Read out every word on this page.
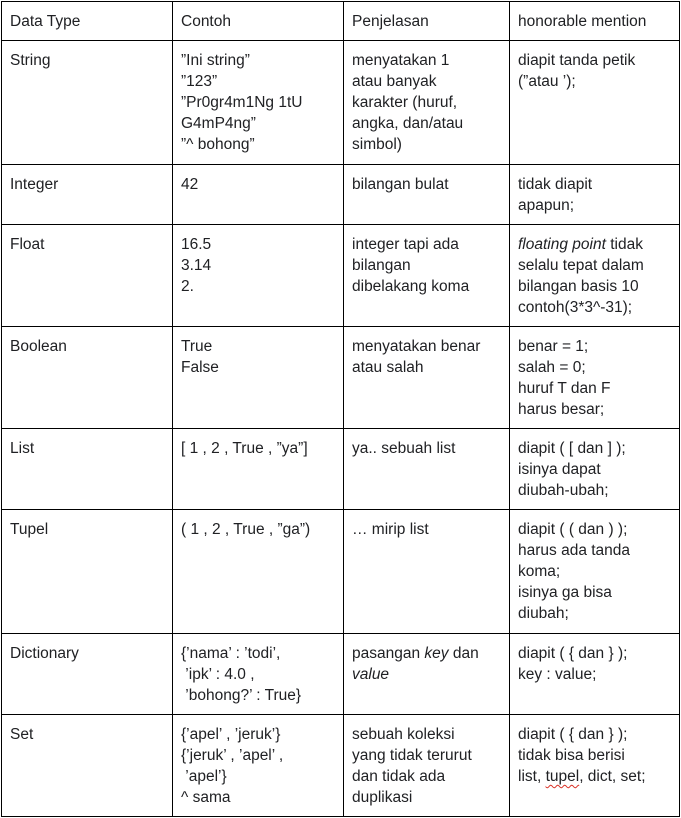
Data Type	Contoh	Penjelasan	honorable mention
String	”Ini string”
”123”
”Pr0gr4m1Ng 1tU
G4mP4ng”
”^ bohong”	menyatakan 1
atau banyak
karakter (huruf,
angka, dan/atau
simbol)	diapit tanda petik
(”atau ’);

Integer	42	bilangan bulat	tidak diapit
apapun;

Float	16.5
3.14
2.	integer tapi ada
bilangan
dibelakang koma	floating point tidak
selalu tepat dalam
bilangan basis 10
contoh(3*3^-31);

Boolean	True
False	menyatakan benar
atau salah	benar = 1;
salah = 0;
huruf T dan F
harus besar;

List	[ 1 , 2 , True , ”ya”]	ya.. sebuah list	diapit ( [ dan ] );
isinya dapat
diubah-ubah;

Tupel	( 1 , 2 , True , ”ga”)	… mirip list	diapit ( ( dan ) );
harus ada tanda
koma;
isinya ga bisa
diubah;

Dictionary	{’nama’ : ’todi’,
’ipk’ : 4.0 ,
’bohong?’ : True}	pasangan key dan
value	diapit ( { dan } );
key : value;

Set	{’apel’ , ’jeruk’}
{’jeruk’ , ’apel’ ,
’apel’}
^ sama	sebuah koleksi
yang tidak terurut
dan tidak ada
duplikasi	diapit ( { dan } );
tidak bisa berisi
list, tupel, dict, set;
